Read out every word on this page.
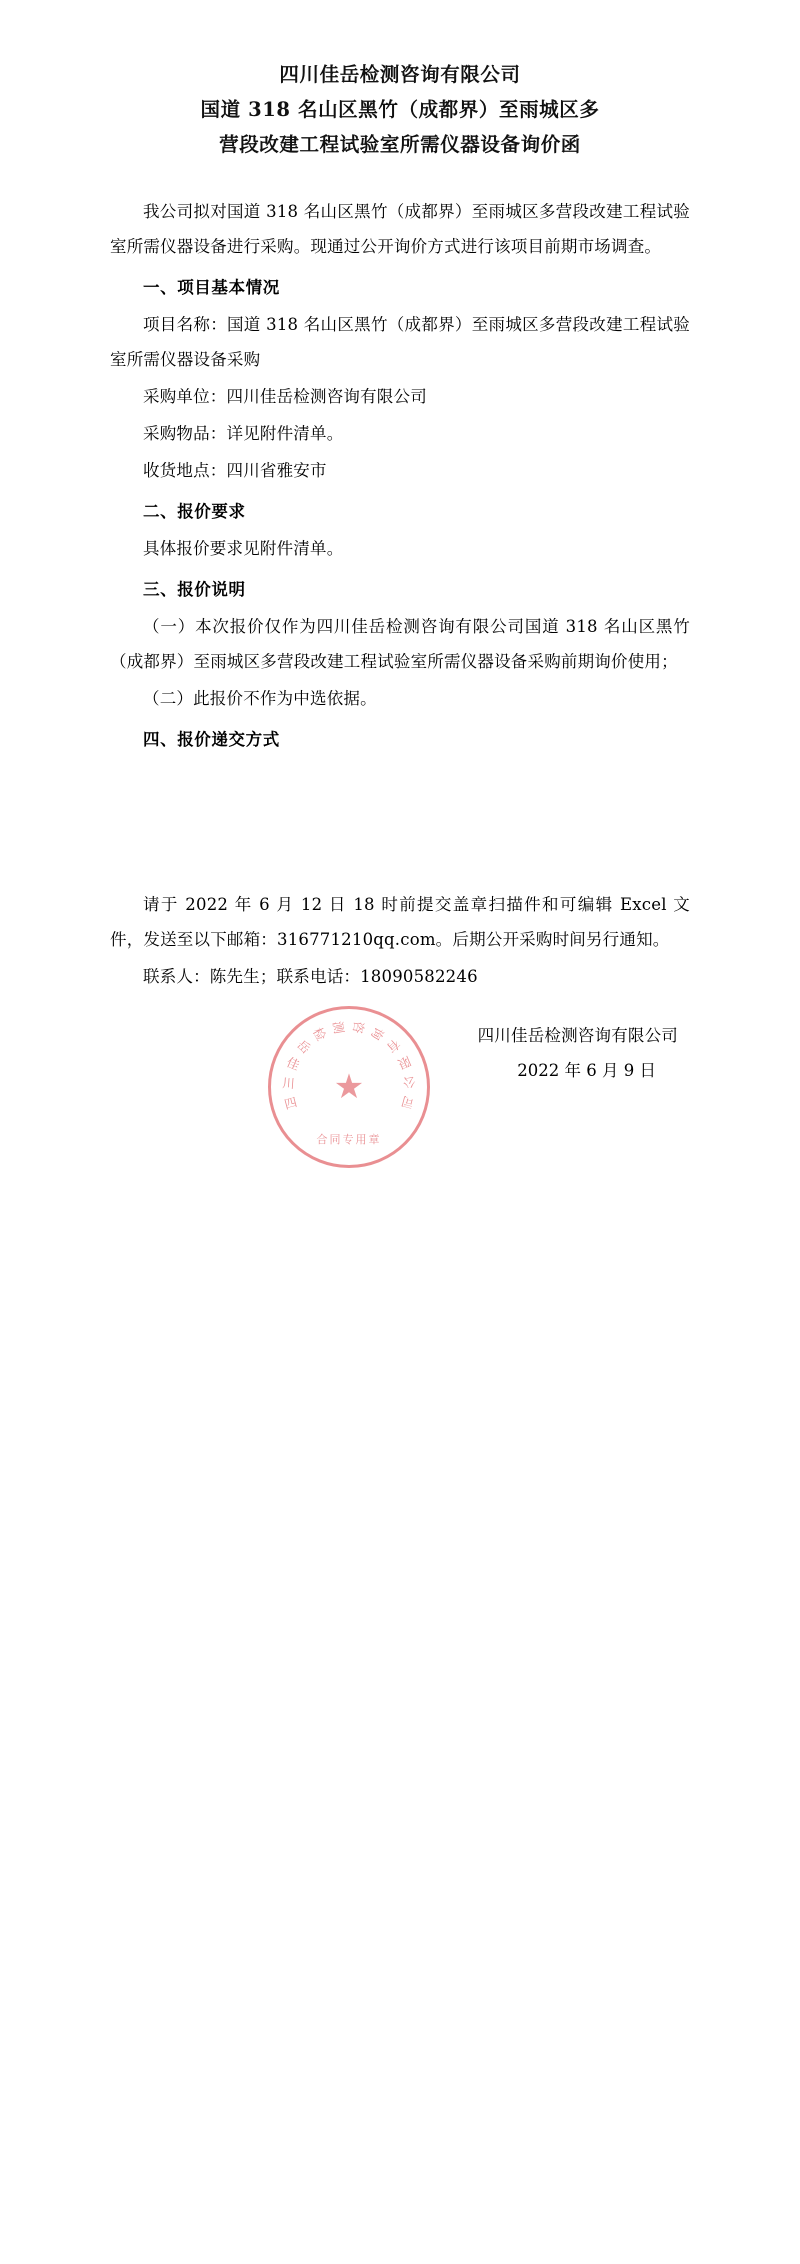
四川佳岳检测咨询有限公司
国道 318 名山区黑竹（成都界）至雨城区多
营段改建工程试验室所需仪器设备询价函

我公司拟对国道 318 名山区黑竹（成都界）至雨城区多营段改建工程试验室所需仪器设备进行采购。现通过公开询价方式进行该项目前期市场调查。

一、项目基本情况

项目名称：国道 318 名山区黑竹（成都界）至雨城区多营段改建工程试验室所需仪器设备采购

采购单位：四川佳岳检测咨询有限公司

采购物品：详见附件清单。

收货地点：四川省雅安市

二、报价要求

具体报价要求见附件清单。

三、报价说明

（一）本次报价仅作为四川佳岳检测咨询有限公司国道 318 名山区黑竹（成都界）至雨城区多营段改建工程试验室所需仪器设备采购前期询价使用；

（二）此报价不作为中选依据。

四、报价递交方式

请于 2022 年 6 月 12 日 18 时前提交盖章扫描件和可编辑 Excel 文件，发送至以下邮箱：316771210qq.com。后期公开采购时间另行通知。

联系人：陈先生；联系电话：18090582246

四川佳岳检测咨询有限公司
2022 年 6 月 9 日
四
川
佳
岳
检 测 咨 询
有
限
公
司
★
合同专用章
